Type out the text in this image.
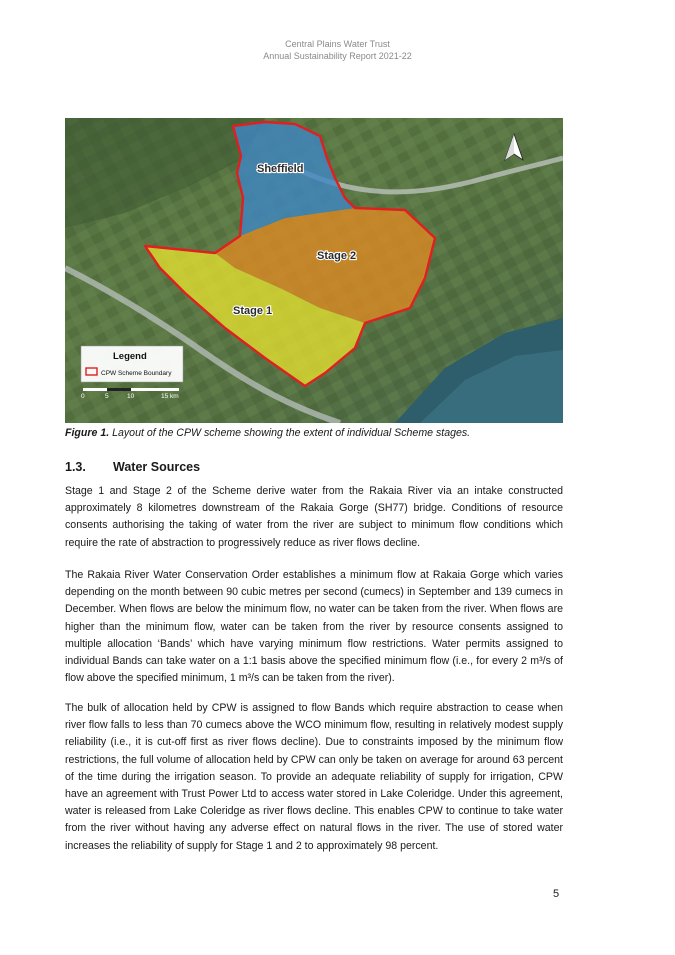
Central Plains Water Trust
Annual Sustainability Report 2021-22
Sheffield
Stage 2
Stage 1
Legend
CPW Scheme Boundary
0	5	10	15 km
Figure 1. Layout of the CPW scheme showing the extent of individual Scheme stages.
1.3. Water Sources

Stage 1 and Stage 2 of the Scheme derive water from the Rakaia River via an intake constructed approximately 8 kilometres downstream of the Rakaia Gorge (SH77) bridge. Conditions of resource consents authorising the taking of water from the river are subject to minimum flow conditions which require the rate of abstraction to progressively reduce as river flows decline.

The Rakaia River Water Conservation Order establishes a minimum flow at Rakaia Gorge which varies depending on the month between 90 cubic metres per second (cumecs) in September and 139 cumecs in December. When flows are below the minimum flow, no water can be taken from the river. When flows are higher than the minimum flow, water can be taken from the river by resource consents assigned to multiple allocation ‘Bands’ which have varying minimum flow restrictions. Water permits assigned to individual Bands can take water on a 1:1 basis above the specified minimum flow (i.e., for every 2 m³/s of flow above the specified minimum, 1 m³/s can be taken from the river).

The bulk of allocation held by CPW is assigned to flow Bands which require abstraction to cease when river flow falls to less than 70 cumecs above the WCO minimum flow, resulting in relatively modest supply reliability (i.e., it is cut-off first as river flows decline). Due to constraints imposed by the minimum flow restrictions, the full volume of allocation held by CPW can only be taken on average for around 63 percent of the time during the irrigation season. To provide an adequate reliability of supply for irrigation, CPW have an agreement with Trust Power Ltd to access water stored in Lake Coleridge. Under this agreement, water is released from Lake Coleridge as river flows decline. This enables CPW to continue to take water from the river without having any adverse effect on natural flows in the river. The use of stored water increases the reliability of supply for Stage 1 and 2 to approximately 98 percent.

5
